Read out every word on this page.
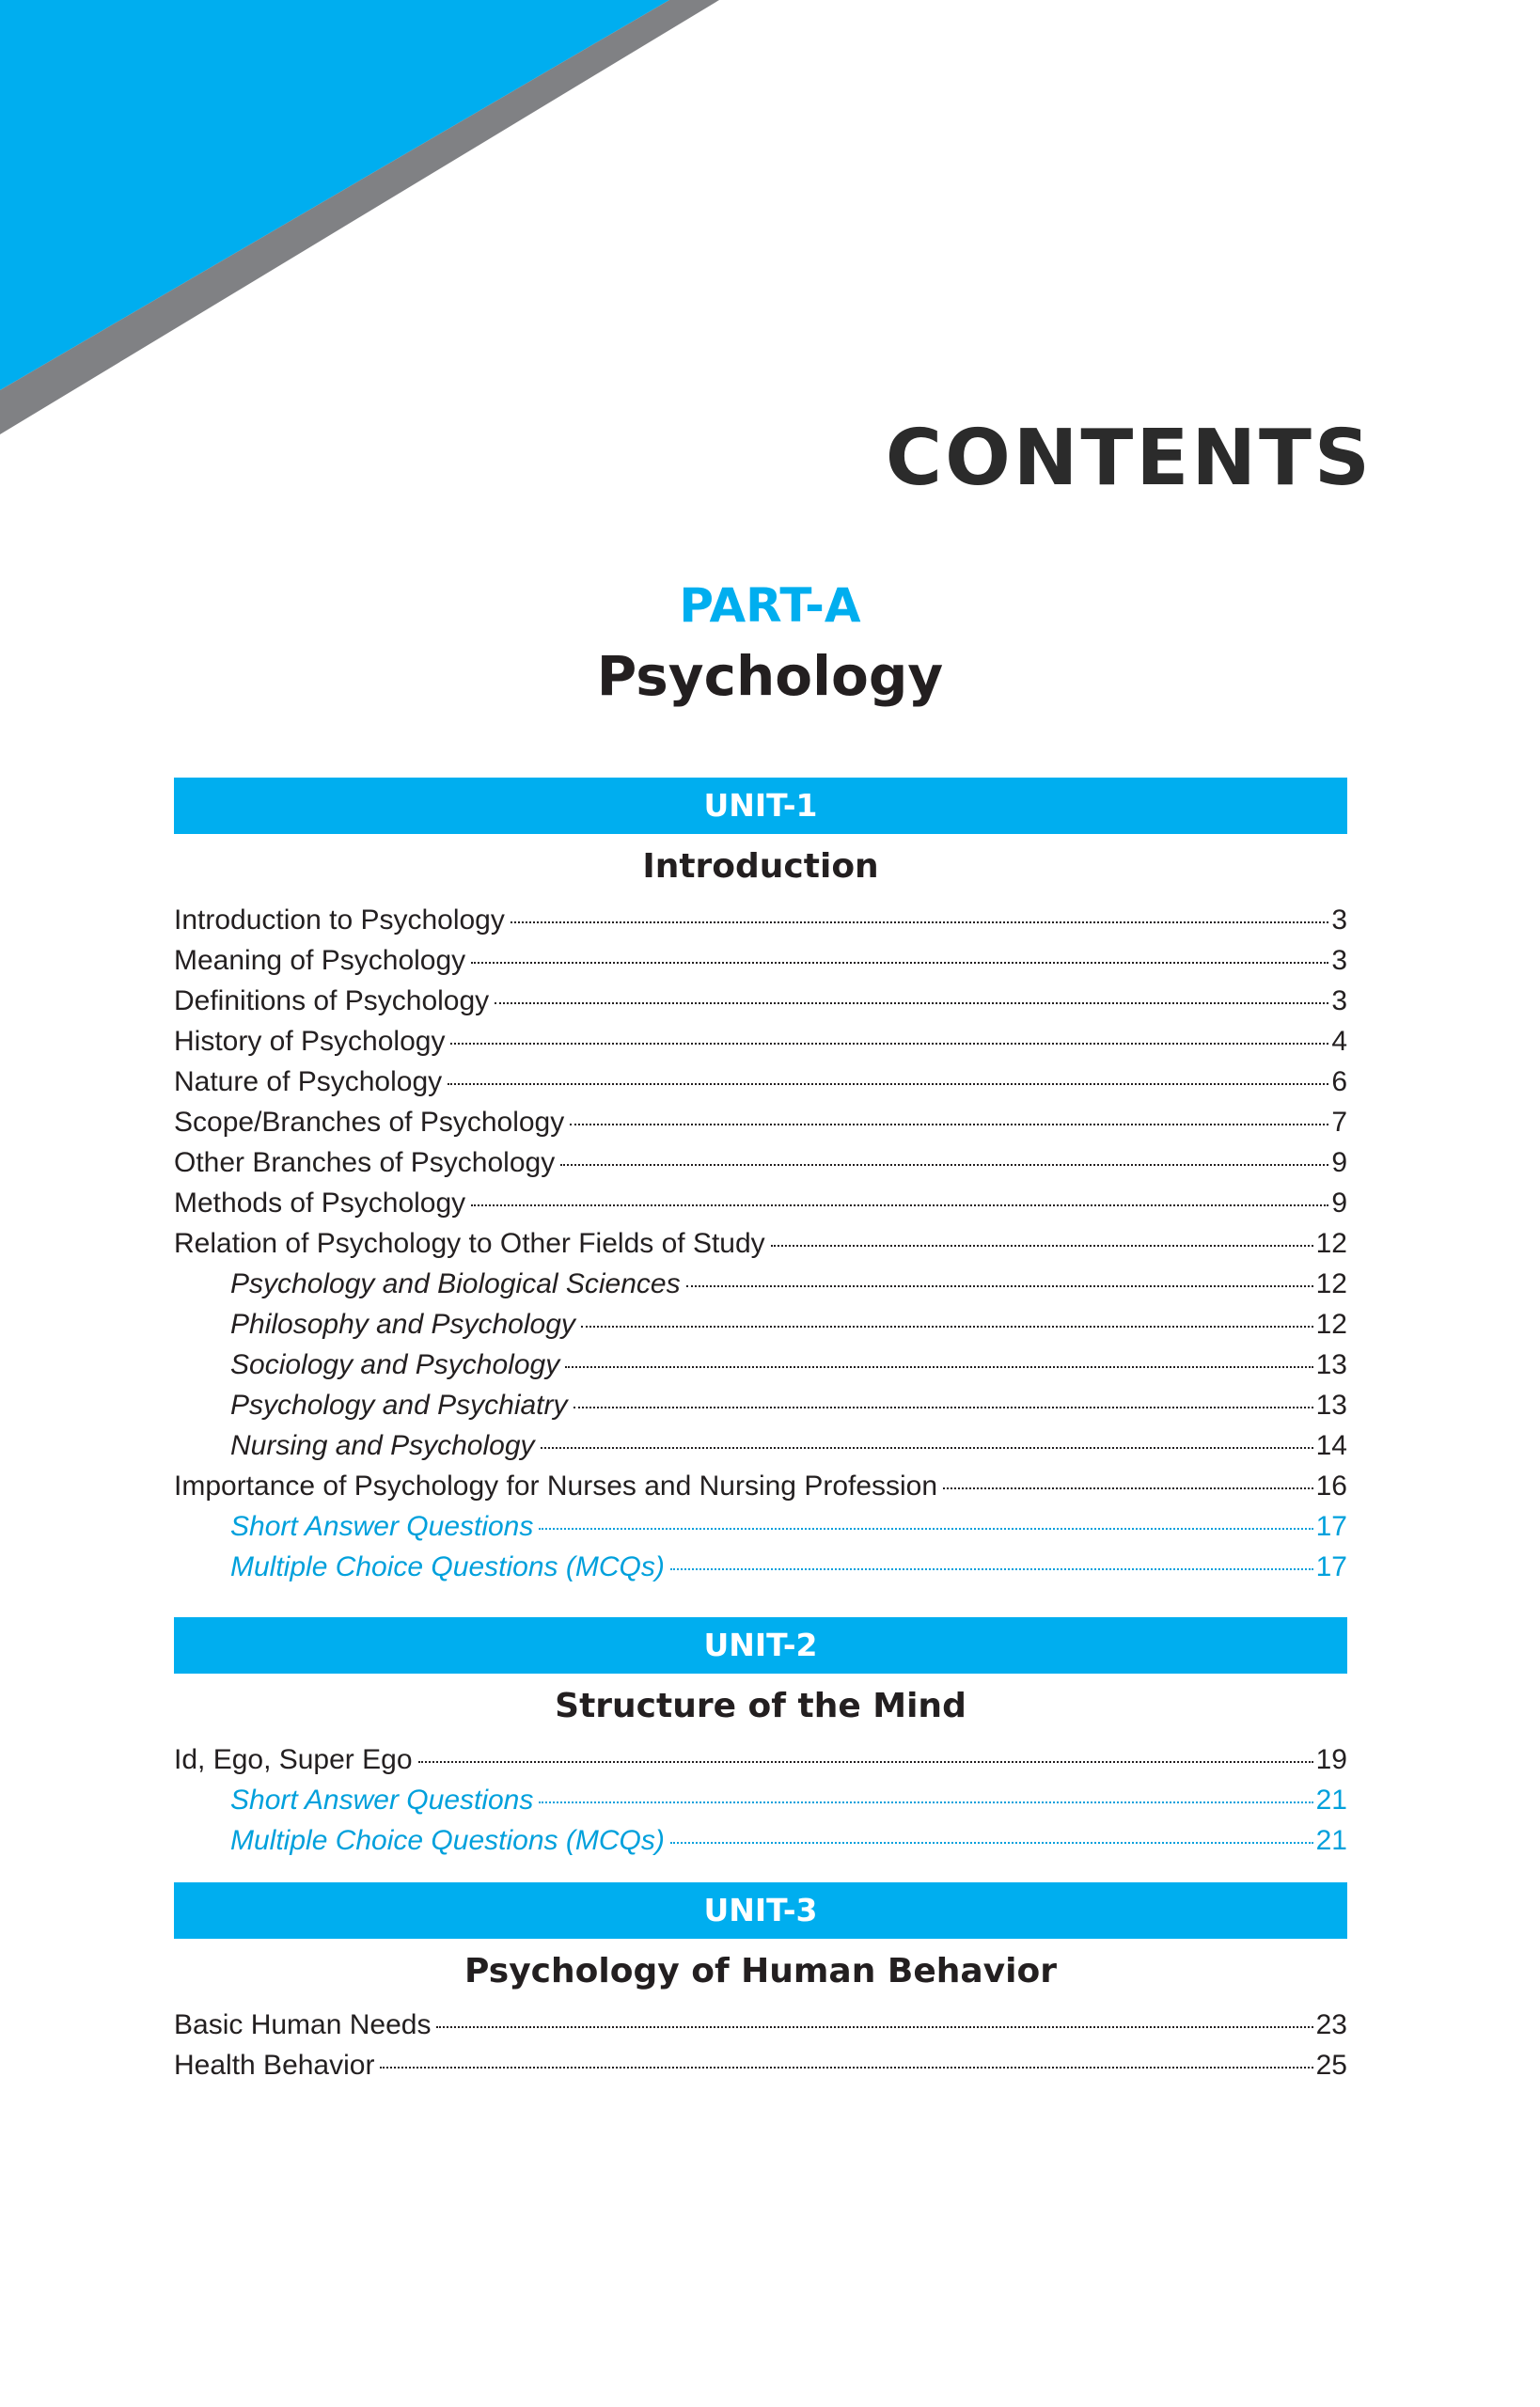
CONTENTS
PART-A
Psychology
UNIT-1
Introduction
Introduction to Psychology	3
Meaning of Psychology	3
Definitions of Psychology	3
History of Psychology	4
Nature of Psychology	6
Scope/Branches of Psychology	7
Other Branches of Psychology	9
Methods of Psychology	9
Relation of Psychology to Other Fields of Study	12
Psychology and Biological Sciences	12
Philosophy and Psychology	12
Sociology and Psychology	13
Psychology and Psychiatry	13
Nursing and Psychology	14
Importance of Psychology for Nurses and Nursing Profession	16
Short Answer Questions	17
Multiple Choice Questions (MCQs)	17
UNIT-2
Structure of the Mind
Id, Ego, Super Ego	19
Short Answer Questions	21
Multiple Choice Questions (MCQs)	21
UNIT-3
Psychology of Human Behavior
Basic Human Needs	23
Health Behavior	25
